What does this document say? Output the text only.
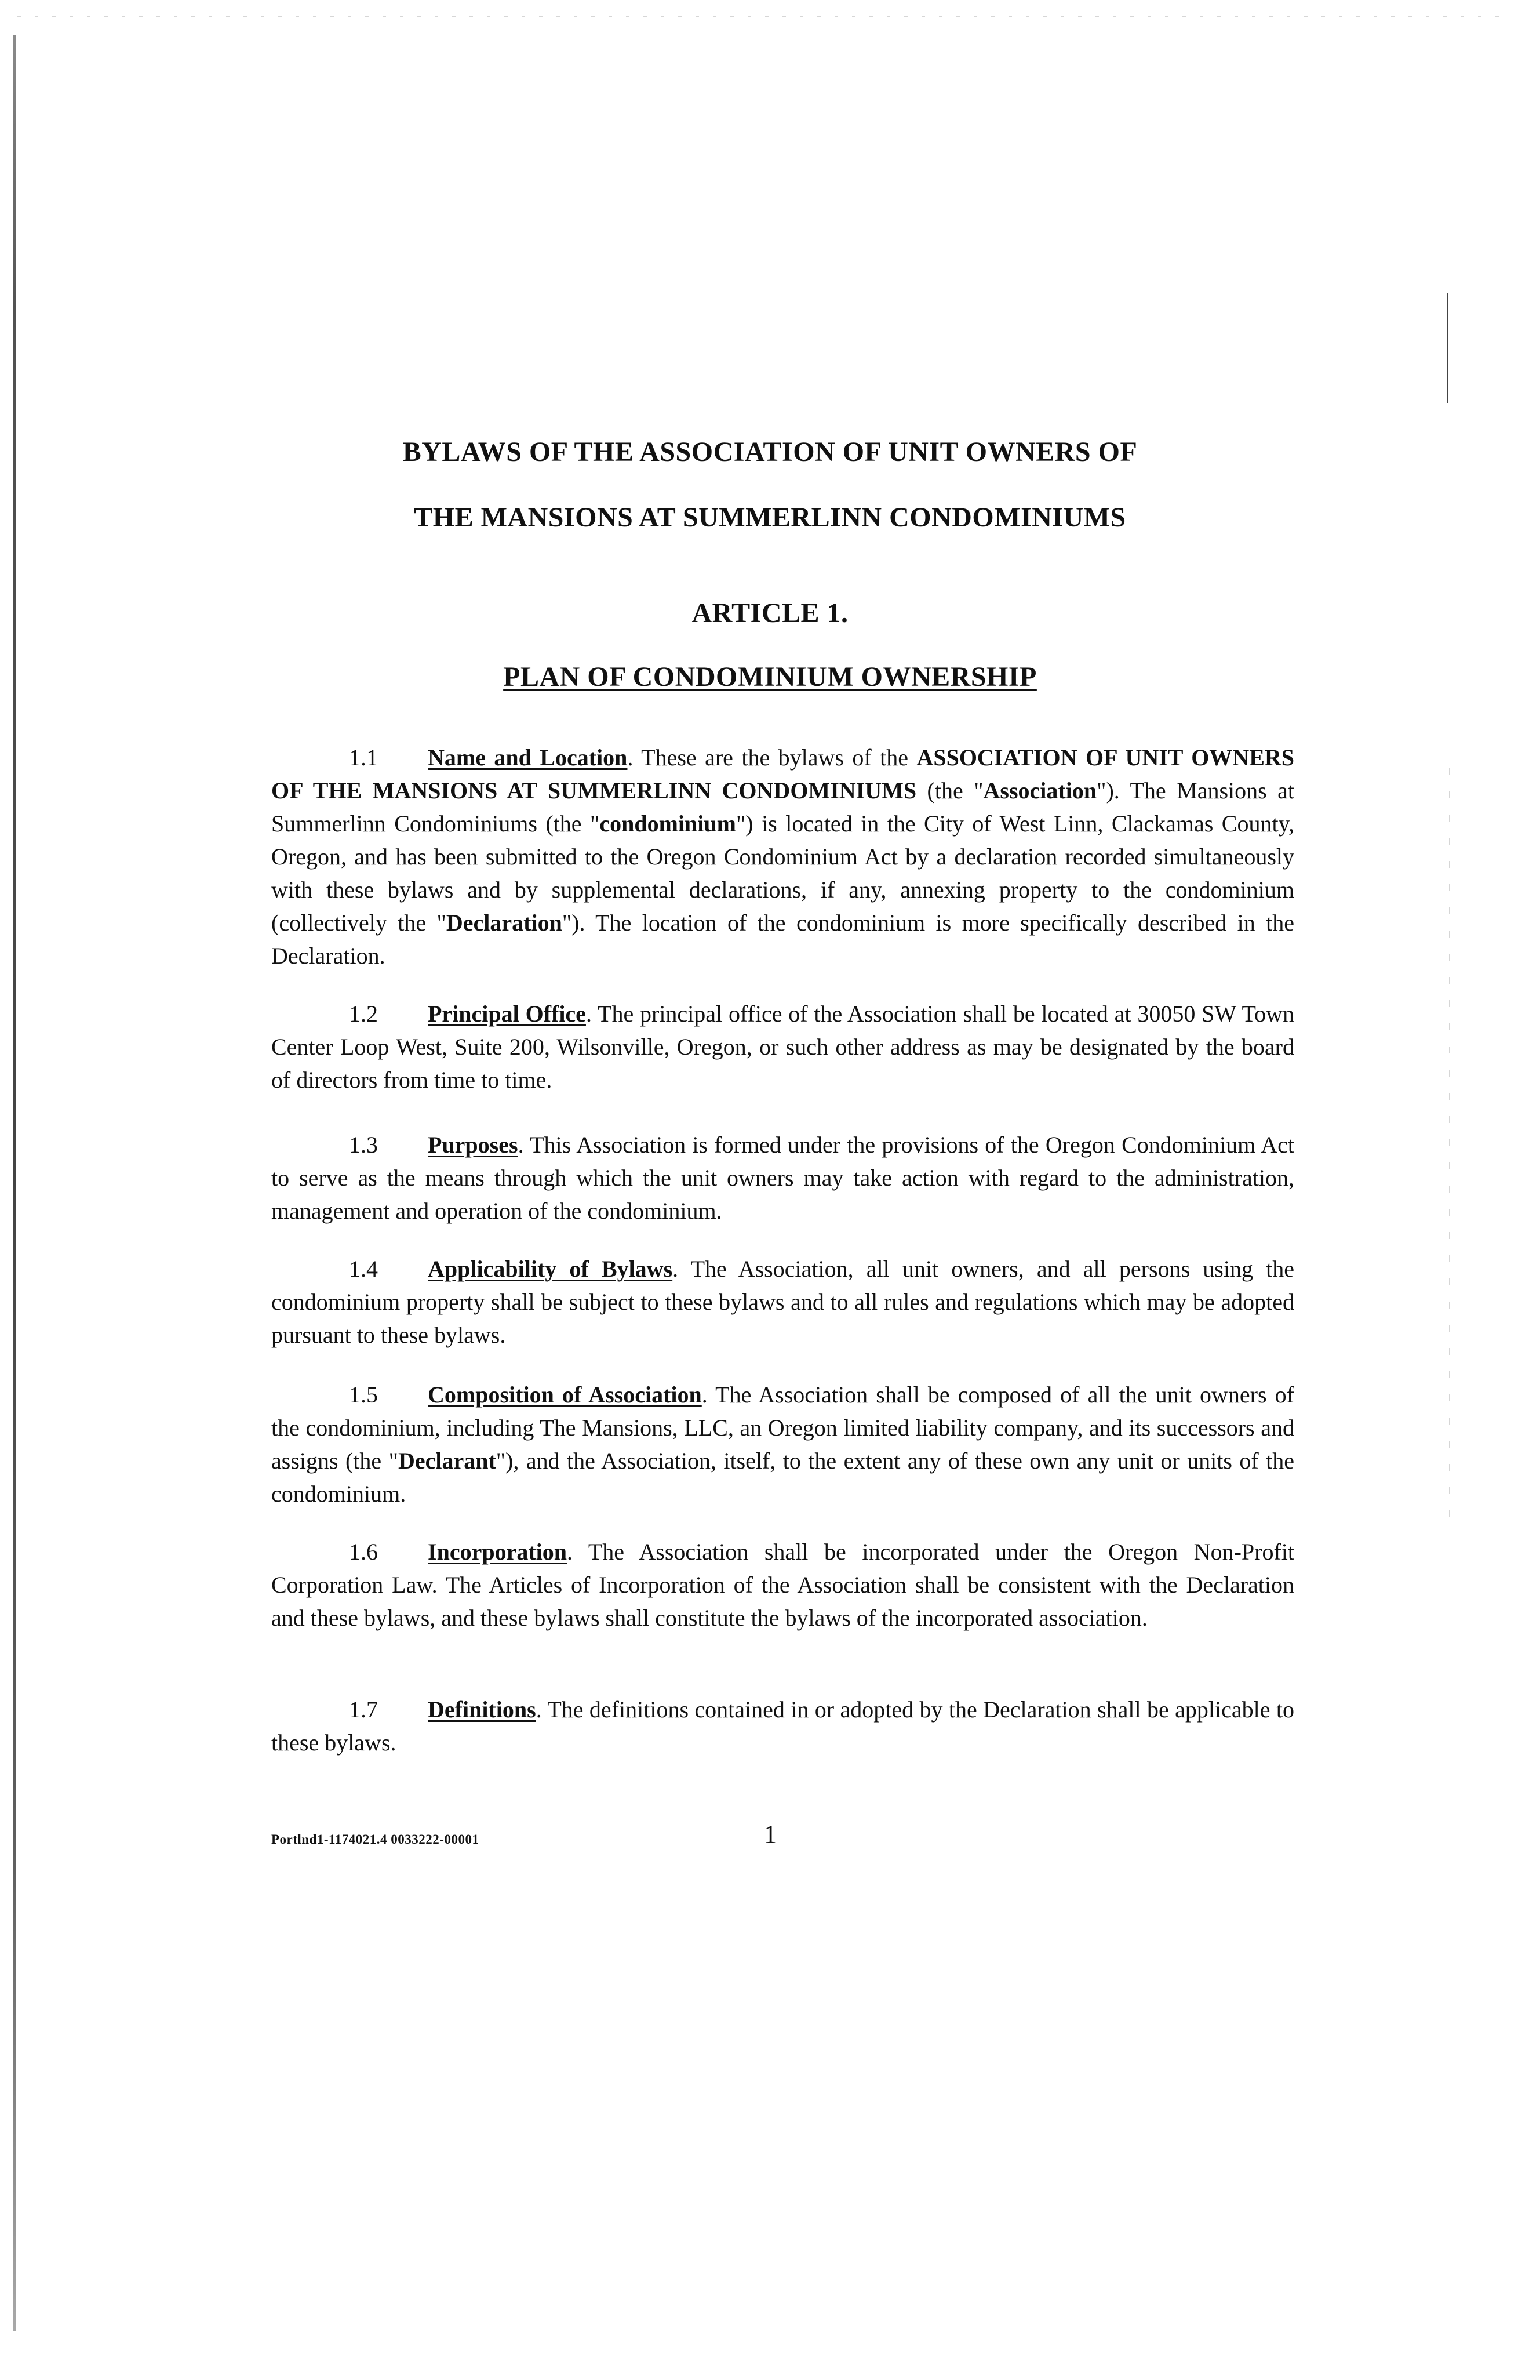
BYLAWS OF THE ASSOCIATION OF UNIT OWNERS OF
THE MANSIONS AT SUMMERLINN CONDOMINIUMS
ARTICLE 1.
PLAN OF CONDOMINIUM OWNERSHIP
1.1 Name and Location. These are the bylaws of the ASSOCIATION OF UNIT OWNERS OF THE MANSIONS AT SUMMERLINN CONDOMINIUMS (the "Association"). The Mansions at Summerlinn Condominiums (the "condominium") is located in the City of West Linn, Clackamas County, Oregon, and has been submitted to the Oregon Condominium Act by a declaration recorded simultaneously with these bylaws and by supplemental declarations, if any, annexing property to the condominium (collectively the "Declaration"). The location of the condominium is more specifically described in the Declaration.
1.2 Principal Office. The principal office of the Association shall be located at 30050 SW Town Center Loop West, Suite 200, Wilsonville, Oregon, or such other address as may be designated by the board of directors from time to time.
1.3 Purposes. This Association is formed under the provisions of the Oregon Condominium Act to serve as the means through which the unit owners may take action with regard to the administration, management and operation of the condominium.
1.4 Applicability of Bylaws. The Association, all unit owners, and all persons using the condominium property shall be subject to these bylaws and to all rules and regulations which may be adopted pursuant to these bylaws.
1.5 Composition of Association. The Association shall be composed of all the unit owners of the condominium, including The Mansions, LLC, an Oregon limited liability company, and its successors and assigns (the "Declarant"), and the Association, itself, to the extent any of these own any unit or units of the condominium.
1.6 Incorporation. The Association shall be incorporated under the Oregon Non-Profit Corporation Law. The Articles of Incorporation of the Association shall be consistent with the Declaration and these bylaws, and these bylaws shall constitute the bylaws of the incorporated association.
1.7 Definitions. The definitions contained in or adopted by the Declaration shall be applicable to these bylaws.
Portlnd1-1174021.4 0033222-00001	1
